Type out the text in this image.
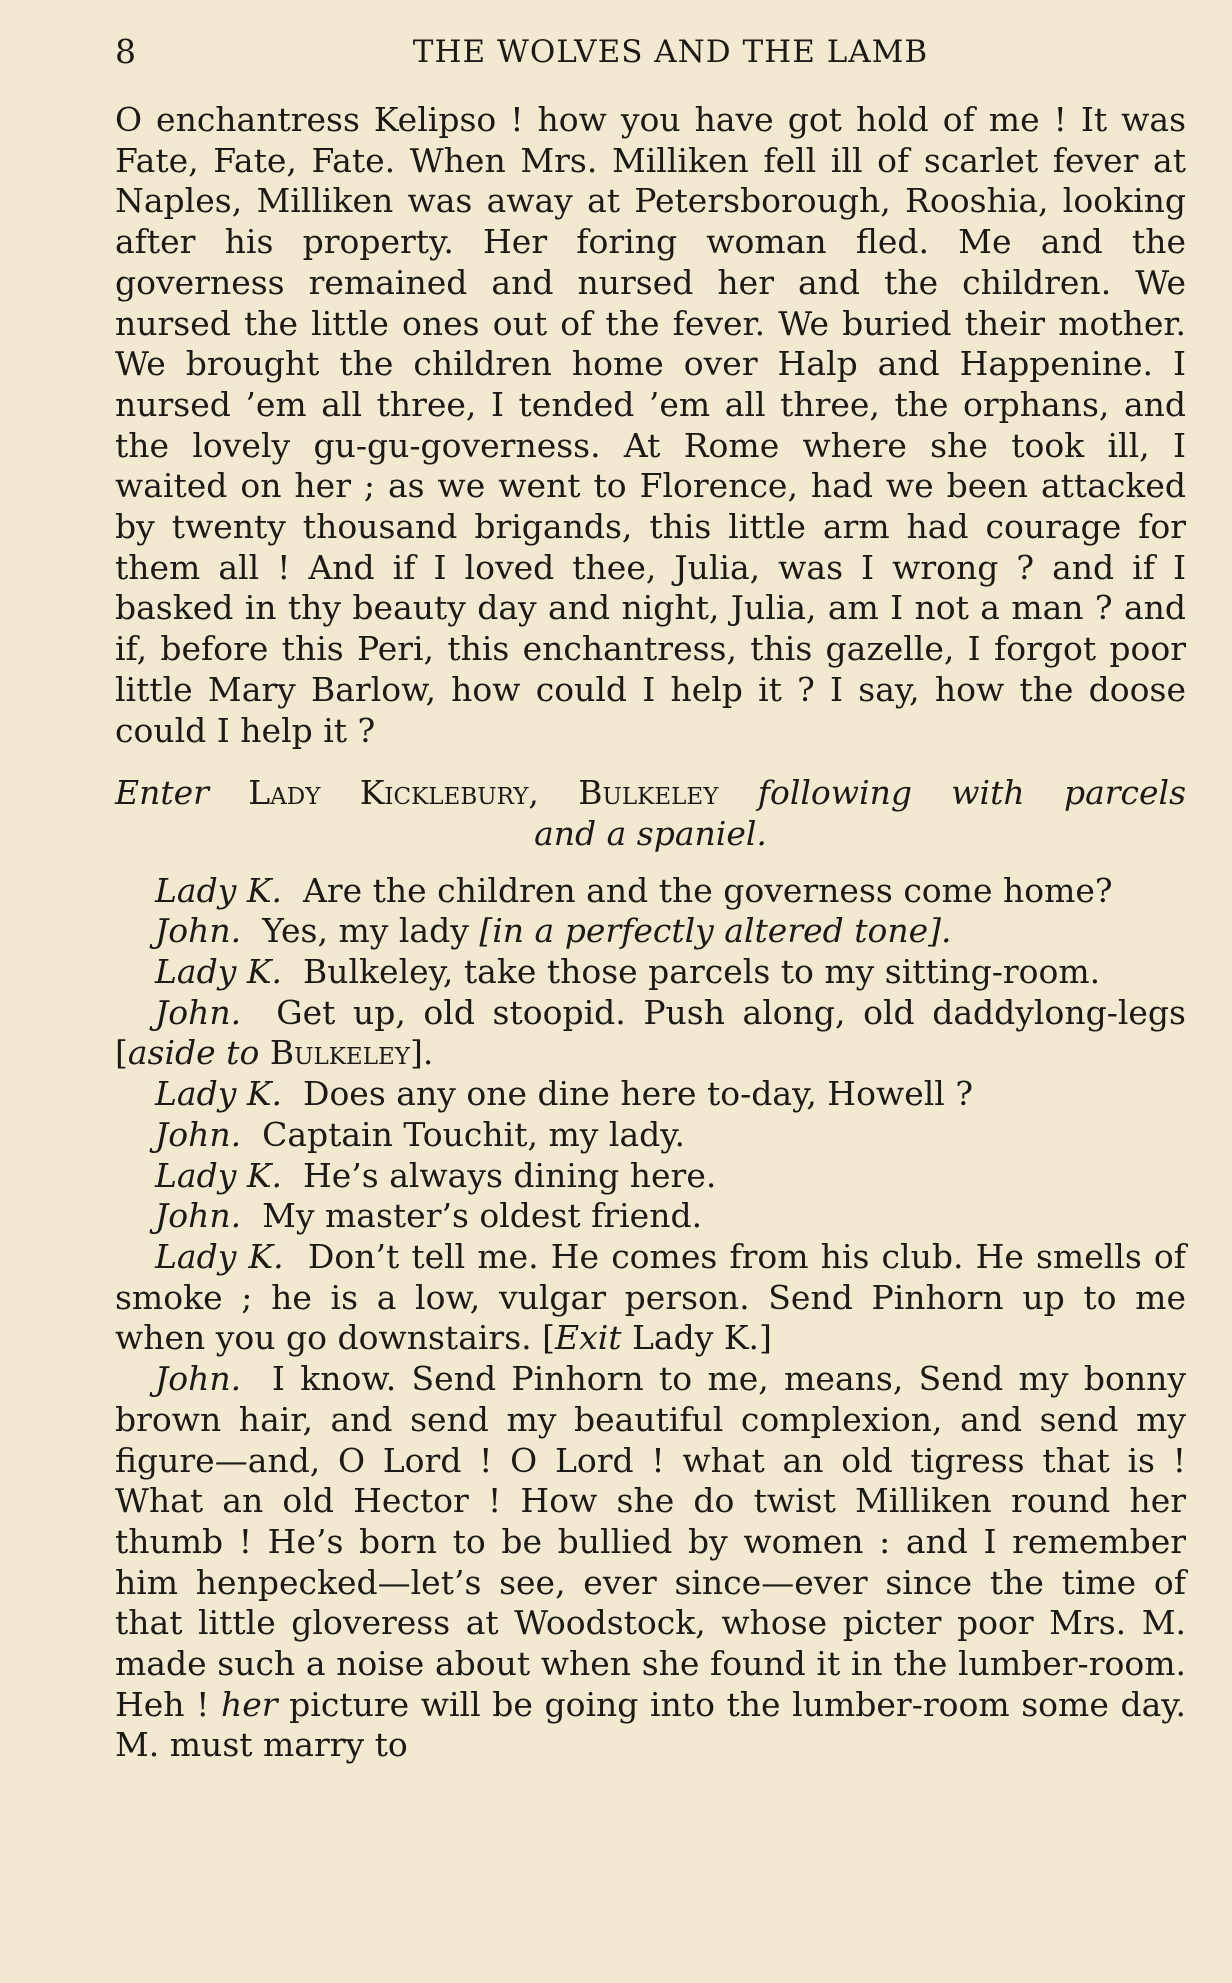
8	THE WOLVES AND THE LAMB

O enchantress Kelipso ! how you have got hold of me ! It was Fate, Fate, Fate. When Mrs. Milliken fell ill of scarlet fever at Naples, Milliken was away at Petersborough, Rooshia, looking after his property. Her foring woman fled. Me and the governess remained and nursed her and the children. We nursed the little ones out of the fever. We buried their mother. We brought the children home over Halp and Happenine. I nursed ’em all three, I tended ’em all three, the orphans, and the lovely gu-gu-governess. At Rome where she took ill, I waited on her ; as we went to Florence, had we been attacked by twenty thousand brigands, this little arm had courage for them all ! And if I loved thee, Julia, was I wrong ? and if I basked in thy beauty day and night, Julia, am I not a man ? and if, before this Peri, this enchantress, this gazelle, I forgot poor little Mary Barlow, how could I help it ? I say, how the doose could I help it ?

Enter Lady Kicklebury, Bulkeley following with parcels
and a spaniel.

Lady K. Are the children and the governess come home?

John. Yes, my lady [in a perfectly altered tone].

Lady K. Bulkeley, take those parcels to my sitting-room.

John. Get up, old stoopid. Push along, old daddylong-legs [aside to Bulkeley].

Lady K. Does any one dine here to-day, Howell ?

John. Captain Touchit, my lady.

Lady K. He’s always dining here.

John. My master’s oldest friend.

Lady K. Don’t tell me. He comes from his club. He smells of smoke ; he is a low, vulgar person. Send Pinhorn up to me when you go downstairs. [Exit Lady K.]

John. I know. Send Pinhorn to me, means, Send my bonny brown hair, and send my beautiful complexion, and send my figure—and, O Lord ! O Lord ! what an old tigress that is ! What an old Hector ! How she do twist Milliken round her thumb ! He’s born to be bullied by women : and I remember him henpecked—let’s see, ever since—ever since the time of that little gloveress at Woodstock, whose picter poor Mrs. M. made such a noise about when she found it in the lumber-room. Heh ! her picture will be going into the lumber-room some day. M. must marry to
